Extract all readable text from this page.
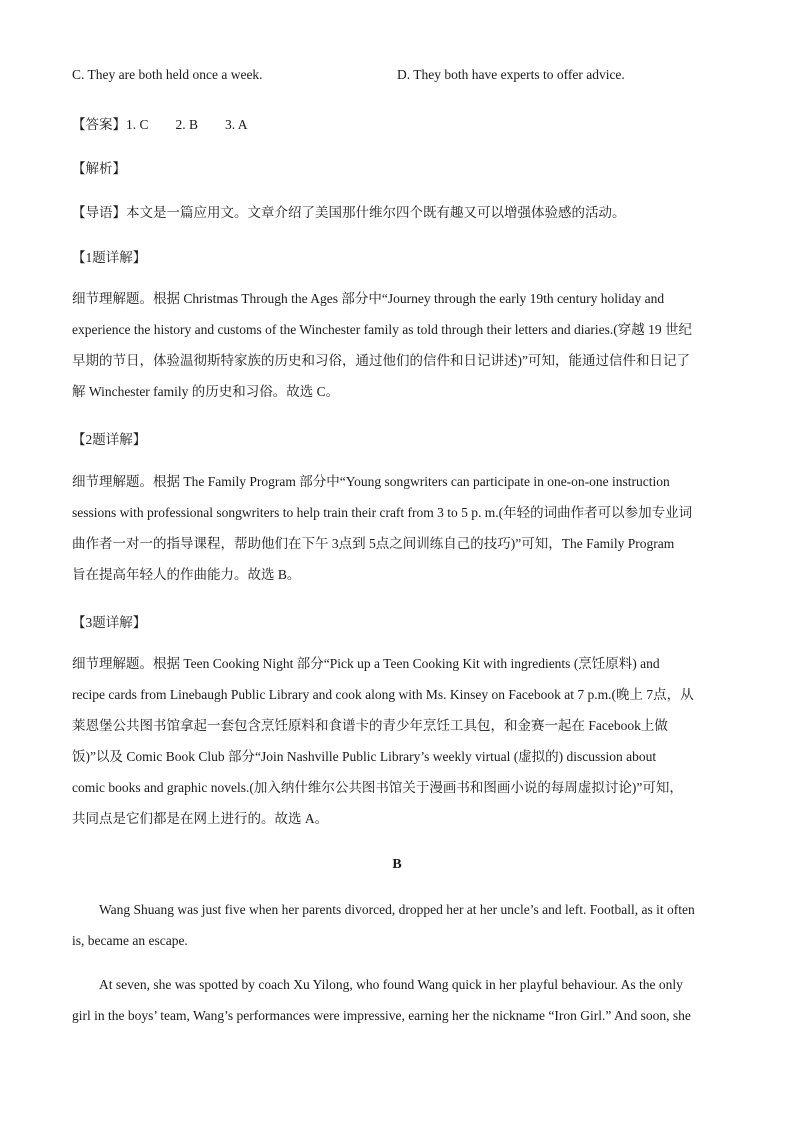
C. They are both held once a week.	D. They both have experts to offer advice.
【答案】1. C        2. B        3. A
【解析】
【导语】本文是一篇应用文。文章介绍了美国那什维尔四个既有趣又可以增强体验感的活动。
【1题详解】
细节理解题。根据 Christmas Through the Ages 部分中“Journey through the early 19th century holiday and
experience the history and customs of the Winchester family as told through their letters and diaries.(穿越 19 世纪
早期的节日，体验温彻斯特家族的历史和习俗，通过他们的信件和日记讲述)”可知，能通过信件和日记了
解 Winchester family 的历史和习俗。故选 C。
【2题详解】
细节理解题。根据 The Family Program 部分中“Young songwriters can participate in one-on-one instruction
sessions with professional songwriters to help train their craft from 3 to 5 p. m.(年轻的词曲作者可以参加专业词
曲作者一对一的指导课程，帮助他们在下午 3点到 5点之间训练自己的技巧)”可知，The Family Program
旨在提高年轻人的作曲能力。故选 B。
【3题详解】
细节理解题。根据 Teen Cooking Night 部分“Pick up a Teen Cooking Kit with ingredients (烹饪原料) and
recipe cards from Linebaugh Public Library and cook along with Ms. Kinsey on Facebook at 7 p.m.(晚上 7点，从
莱恩堡公共图书馆拿起一套包含烹饪原料和食谱卡的青少年烹饪工具包，和金赛一起在 Facebook上做
饭)”以及 Comic Book Club 部分“Join Nashville Public Library’s weekly virtual (虚拟的) discussion about
comic books and graphic novels.(加入纳什维尔公共图书馆关于漫画书和图画小说的每周虚拟讨论)”可知，
共同点是它们都是在网上进行的。故选 A。
B
Wang Shuang was just five when her parents divorced, dropped her at her uncle’s and left. Football, as it often
is, became an escape.
At seven, she was spotted by coach Xu Yilong, who found Wang quick in her playful behaviour. As the only
girl in the boys’ team, Wang’s performances were impressive, earning her the nickname “Iron Girl.” And soon, she
